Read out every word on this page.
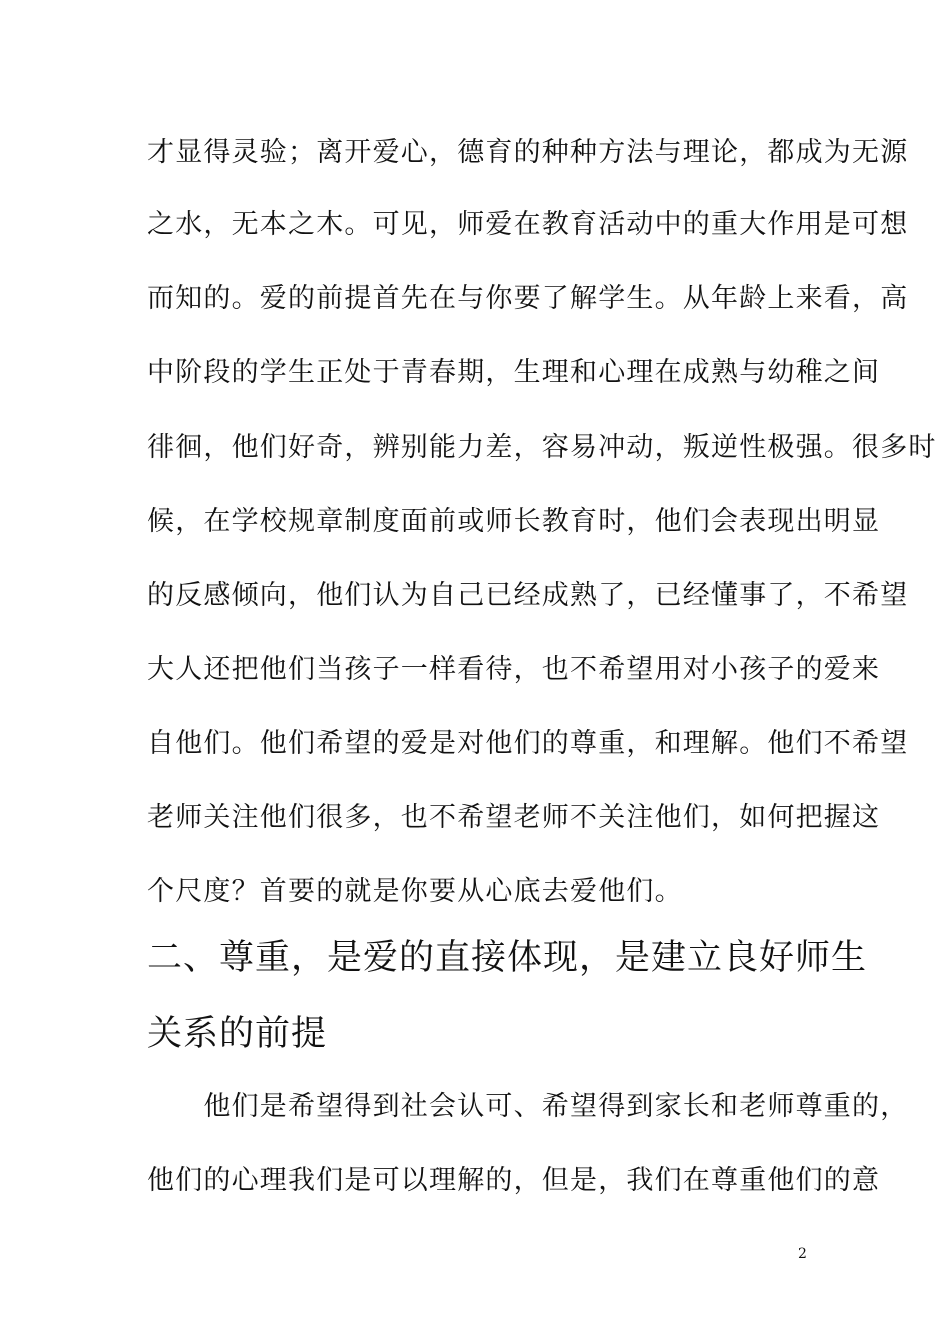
才显得灵验；离开爱心，德育的种种方法与理论，都成为无源
之水，无本之木。可见，师爱在教育活动中的重大作用是可想
而知的。爱的前提首先在与你要了解学生。从年龄上来看，高
中阶段的学生正处于青春期，生理和心理在成熟与幼稚之间
徘徊，他们好奇，辨别能力差，容易冲动，叛逆性极强。很多时
候，在学校规章制度面前或师长教育时，他们会表现出明显
的反感倾向，他们认为自己已经成熟了，已经懂事了，不希望
大人还把他们当孩子一样看待，也不希望用对小孩子的爱来
自他们。他们希望的爱是对他们的尊重，和理解。他们不希望
老师关注他们很多，也不希望老师不关注他们，如何把握这
个尺度？首要的就是你要从心底去爱他们。
二、尊重，是爱的直接体现，是建立良好师生
关系的前提
　　他们是希望得到社会认可、希望得到家长和老师尊重的，
他们的心理我们是可以理解的，但是，我们在尊重他们的意
2
